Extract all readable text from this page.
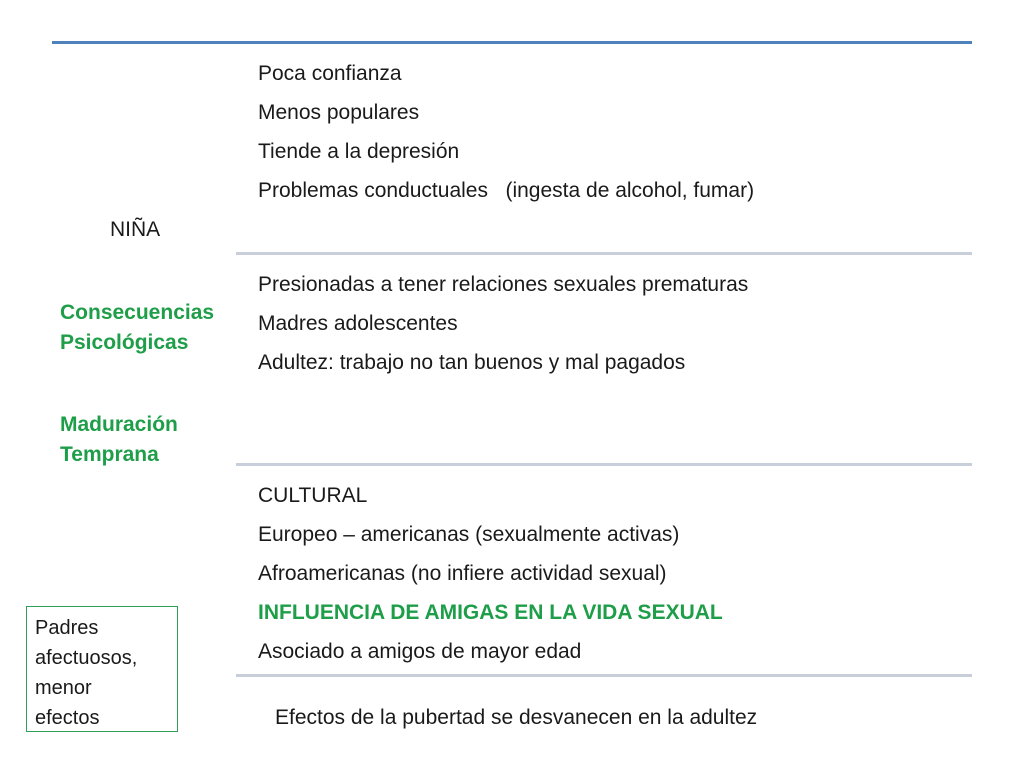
NIÑA
Consecuencias
Psicológicas
Maduración
Temprana
Poca confianza
Menos populares
Tiende a la depresión
Problemas conductuales   (ingesta de alcohol, fumar)
Presionadas a tener relaciones sexuales prematuras
Madres adolescentes
Adultez: trabajo no tan buenos y mal pagados
CULTURAL
Europeo – americanas (sexualmente activas)
Afroamericanas (no infiere actividad sexual)
INFLUENCIA DE AMIGAS EN LA VIDA SEXUAL
Asociado a amigos de mayor edad
Padres
afectuosos,
menor
efectos	Efectos de la pubertad se desvanecen en la adultez
